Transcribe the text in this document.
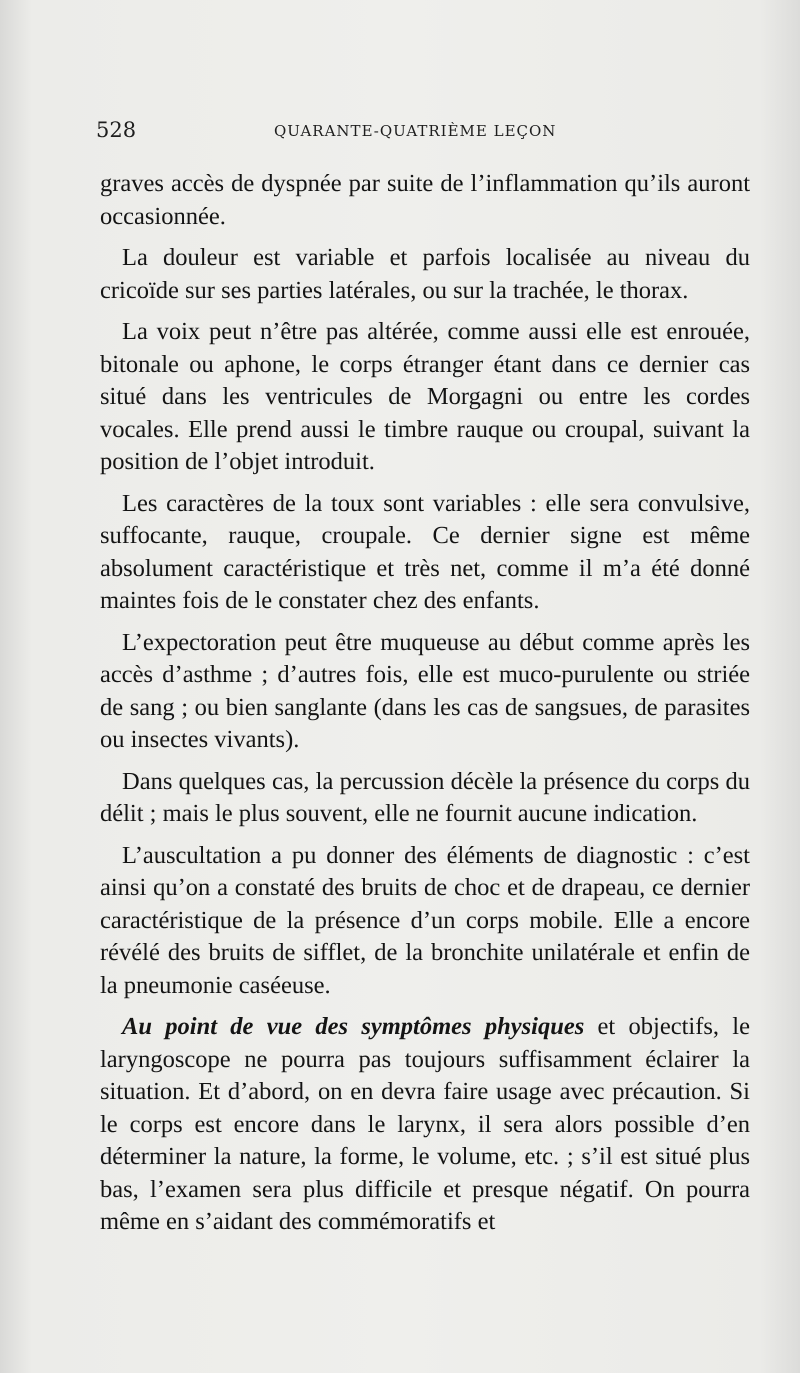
528	QUARANTE-QUATRIÈME LEÇON

graves accès de dyspnée par suite de l’inflammation qu’ils auront occasionnée.

La douleur est variable et parfois localisée au niveau du cricoïde sur ses parties latérales, ou sur la trachée, le thorax.

La voix peut n’être pas altérée, comme aussi elle est enrouée, bitonale ou aphone, le corps étranger étant dans ce dernier cas situé dans les ventricules de Morgagni ou entre les cordes vocales. Elle prend aussi le timbre rauque ou croupal, suivant la position de l’objet introduit.

Les caractères de la toux sont variables : elle sera convulsive, suffocante, rauque, croupale. Ce dernier signe est même absolument caractéristique et très net, comme il m’a été donné maintes fois de le constater chez des enfants.

L’expectoration peut être muqueuse au début comme après les accès d’asthme ; d’autres fois, elle est muco-purulente ou striée de sang ; ou bien sanglante (dans les cas de sangsues, de parasites ou insectes vivants).

Dans quelques cas, la percussion décèle la présence du corps du délit ; mais le plus souvent, elle ne fournit aucune indication.

L’auscultation a pu donner des éléments de diagnostic : c’est ainsi qu’on a constaté des bruits de choc et de drapeau, ce dernier caractéristique de la présence d’un corps mobile. Elle a encore révélé des bruits de sifflet, de la bronchite unilatérale et enfin de la pneumonie caséeuse.

Au point de vue des symptômes physiques et objectifs, le laryngoscope ne pourra pas toujours suffisamment éclairer la situation. Et d’abord, on en devra faire usage avec précaution. Si le corps est encore dans le larynx, il sera alors possible d’en déterminer la nature, la forme, le volume, etc. ; s’il est situé plus bas, l’examen sera plus difficile et presque négatif. On pourra même en s’aidant des commémoratifs et
